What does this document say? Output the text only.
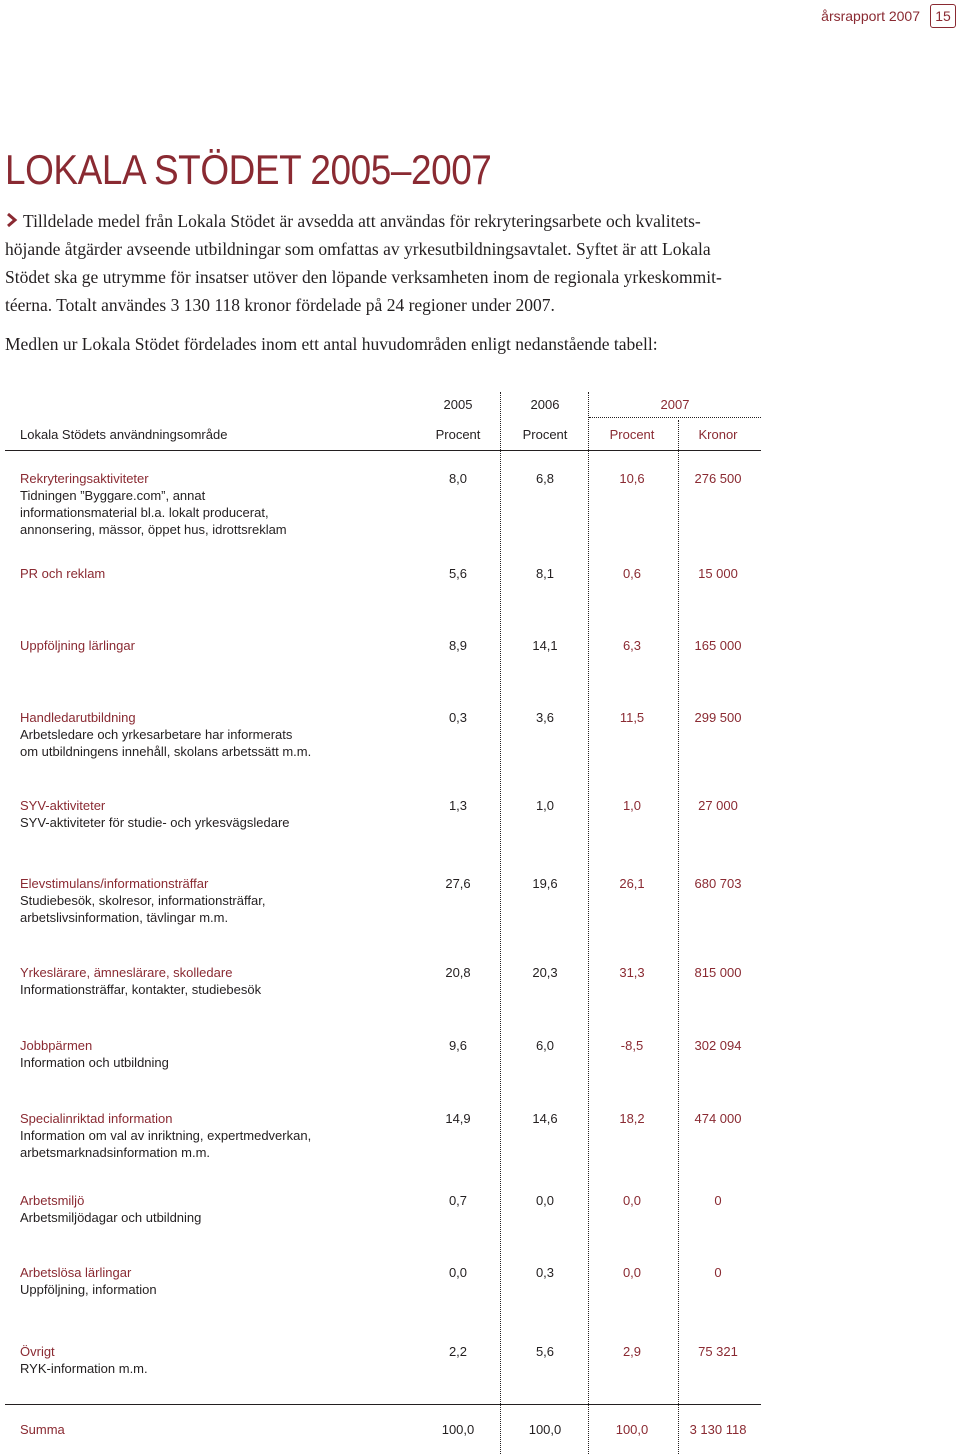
årsrapport 2007	15
LOKALA STÖDET 2005–2007
Tilldelade medel från Lokala Stödet är avsedda att användas för rekryteringsarbete och kvalitets-
höjande åtgärder avseende utbildningar som omfattas av yrkesutbildningsavtalet. Syftet är att Lokala
Stödet ska ge utrymme för insatser utöver den löpande verksamheten inom de regionala yrkeskommit-
téerna. Totalt användes 3 130 118 kronor fördelade på 24 regioner under 2007.

Medlen ur Lokala Stödet fördelades inom ett antal huvudområden enligt nedanstående tabell:

2005	2006	2007
Lokala Stödets användningsområde	Procent	Procent	Procent	Kronor
Rekryteringsaktiviteter
Tidningen ”Byggare.com”, annat
informationsmaterial bl.a. lokalt producerat,
annonsering, mässor, öppet hus, idrottsreklam
8,0	6,8	10,6	276 500
PR och reklam	5,6	8,1	0,6	15 000
Uppföljning lärlingar	8,9	14,1	6,3	165 000
Handledarutbildning
Arbetsledare och yrkesarbetare har informerats
om utbildningens innehåll, skolans arbetssätt m.m.
0,3	3,6	11,5	299 500
SYV-aktiviteter
SYV-aktiviteter för studie- och yrkesvägsledare
1,3	1,0	1,0	27 000
Elevstimulans/informationsträffar
Studiebesök, skolresor, informationsträffar,
arbetslivsinformation, tävlingar m.m.
27,6	19,6	26,1	680 703
Yrkeslärare, ämneslärare, skolledare
Informationsträffar, kontakter, studiebesök
20,8	20,3	31,3	815 000
Jobbpärmen
Information och utbildning
9,6	6,0	-8,5	302 094
Specialinriktad information
Information om val av inriktning, expertmedverkan,
arbetsmarknadsinformation m.m.
14,9	14,6	18,2	474 000
Arbetsmiljö
Arbetsmiljödagar och utbildning
0,7	0,0	0,0	0
Arbetslösa lärlingar
Uppföljning, information
0,0	0,3	0,0	0
Övrigt
RYK-information m.m.
2,2	5,6	2,9	75 321
Summa	100,0	100,0	100,0	3 130 118
